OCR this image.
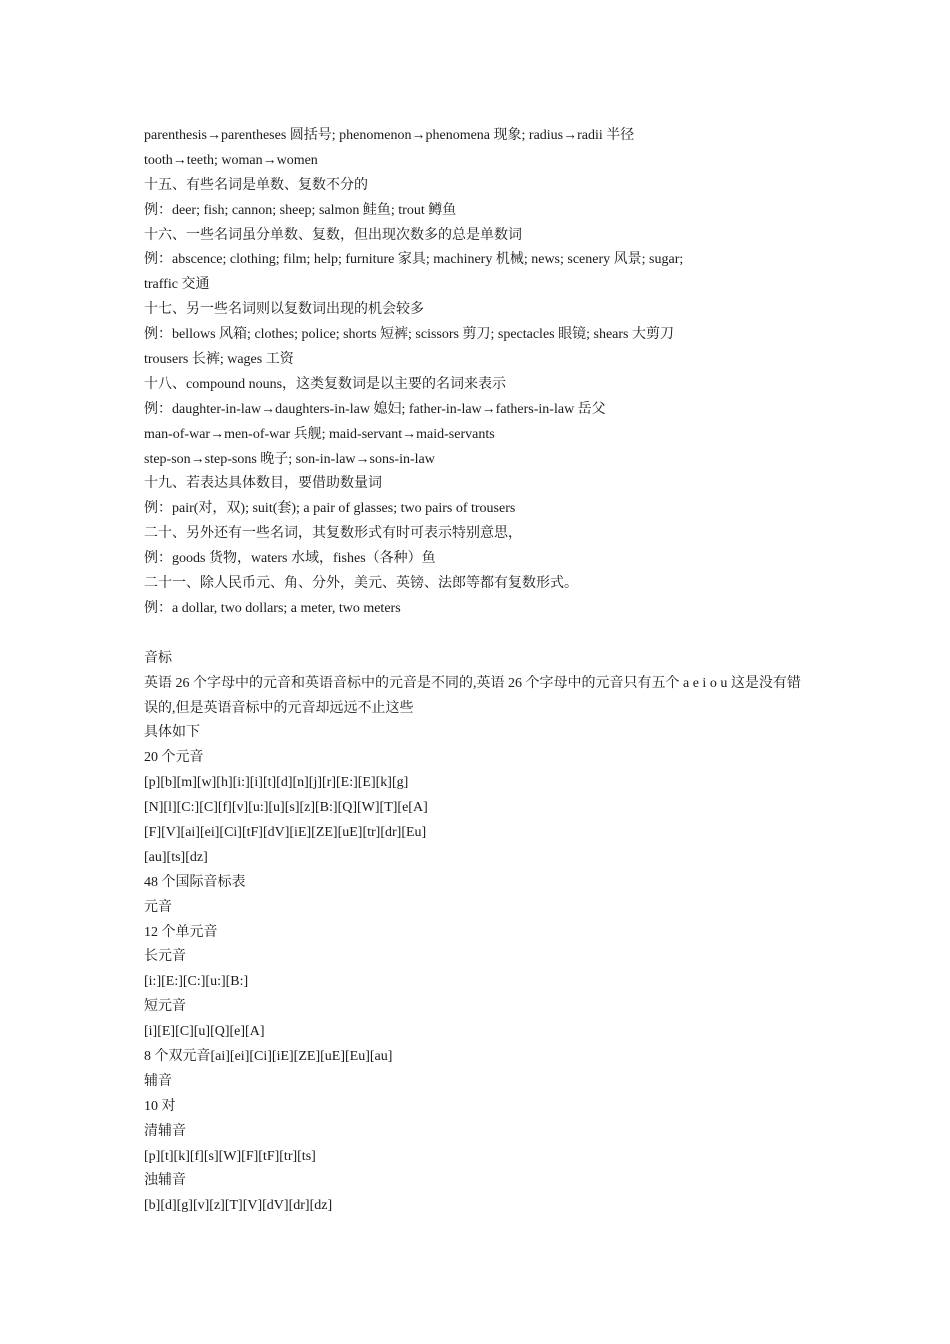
parenthesis→parentheses 圆括号; phenomenon→phenomena 现象; radius→radii 半径
tooth→teeth; woman→women
十五、有些名词是单数、复数不分的
例：deer; fish; cannon; sheep; salmon 鲑鱼; trout 鳟鱼
十六、一些名词虽分单数、复数，但出现次数多的总是单数词
例：abscence; clothing; film; help; furniture 家具; machinery 机械; news; scenery 风景; sugar;
traffic 交通
十七、另一些名词则以复数词出现的机会较多
例：bellows 风箱; clothes; police; shorts 短裤; scissors 剪刀; spectacles 眼镜; shears 大剪刀
trousers 长裤; wages 工资
十八、compound nouns，这类复数词是以主要的名词来表示
例：daughter-in-law→daughters-in-law 媳妇; father-in-law→fathers-in-law 岳父
man-of-war→men-of-war 兵舰; maid-servant→maid-servants
step-son→step-sons 晚子; son-in-law→sons-in-law
十九、若表达具体数目，要借助数量词
例：pair(对，双); suit(套); a pair of glasses; two pairs of trousers
二十、另外还有一些名词，其复数形式有时可表示特别意思，
例：goods 货物，waters 水域，fishes（各种）鱼
二十一、除人民币元、角、分外，美元、英镑、法郎等都有复数形式。
例：a dollar, two dollars; a meter, two meters
音标
英语 26 个字母中的元音和英语音标中的元音是不同的,英语 26 个字母中的元音只有五个 a e i o u 这是没有错误的,但是英语音标中的元音却远远不止这些
具体如下
20 个元音
[p][b][m][w][h][i:][i][t][d][n][j][r][E:][E][k][g]
[N][l][C:][C][f][v][u:][u][s][z][B:][Q][W][T][e[A]
[F][V][ai][ei][Ci][tF][dV][iE][ZE][uE][tr][dr][Eu]
[au][ts][dz]
48 个国际音标表
元音
12 个单元音
长元音
[i:][E:][C:][u:][B:]
短元音
[i][E][C][u][Q][e][A]
8 个双元音[ai][ei][Ci][iE][ZE][uE][Eu][au]
辅音
10 对
清辅音
[p][t][k][f][s][W][F][tF][tr][ts]
浊辅音
[b][d][g][v][z][T][V][dV][dr][dz]
